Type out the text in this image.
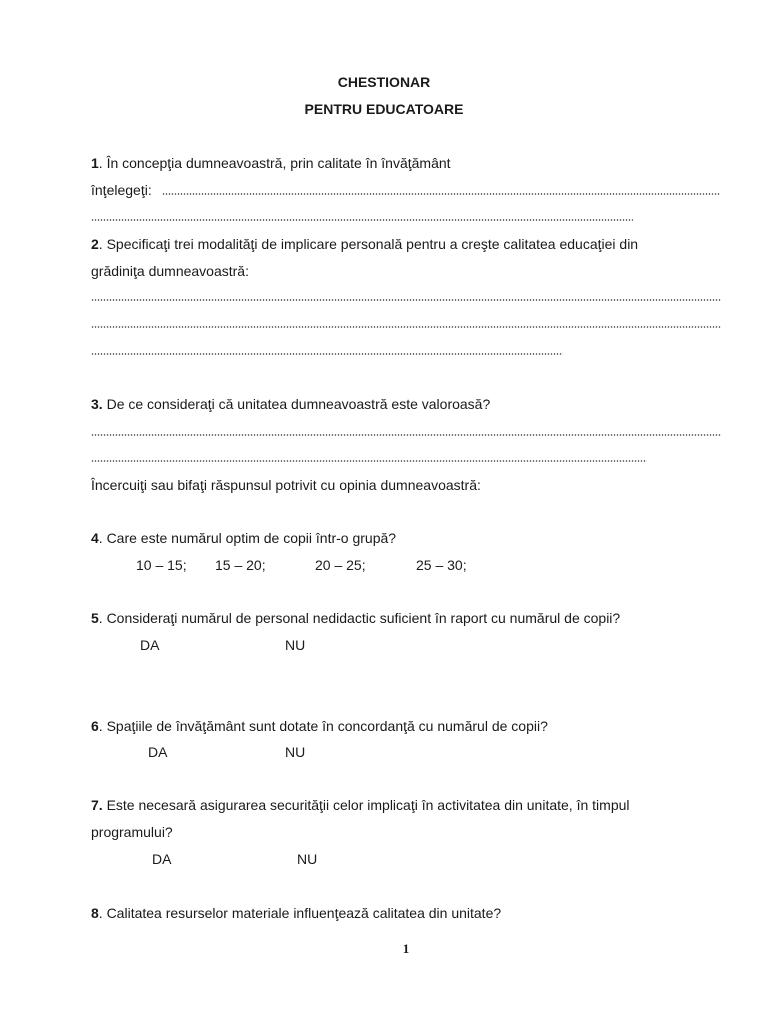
CHESTIONAR
PENTRU EDUCATOARE
1. În concepţia dumneavoastră, prin calitate în învăţământ
înţelegeţi:
2. Specificaţi trei modalităţi de implicare personală pentru a creşte calitatea educaţiei din
grădiniţa dumneavoastră:
3. De ce consideraţi că unitatea dumneavoastră este valoroasă?
Încercuiţi sau bifaţi răspunsul potrivit cu opinia dumneavoastră:
4. Care este numărul optim de copii într-o grupă?
10 – 15; 15 – 20;	20 – 25;	25 – 30;
5. Consideraţi numărul de personal nedidactic suficient în raport cu numărul de copii?
DA	NU
6. Spaţiile de învăţământ sunt dotate în concordanţă cu numărul de copii?
DA	NU
7. Este necesară asigurarea securităţii celor implicaţi în activitatea din unitate, în timpul
programului?
DA	NU
8. Calitatea resurselor materiale influenţează calitatea din unitate?
1
